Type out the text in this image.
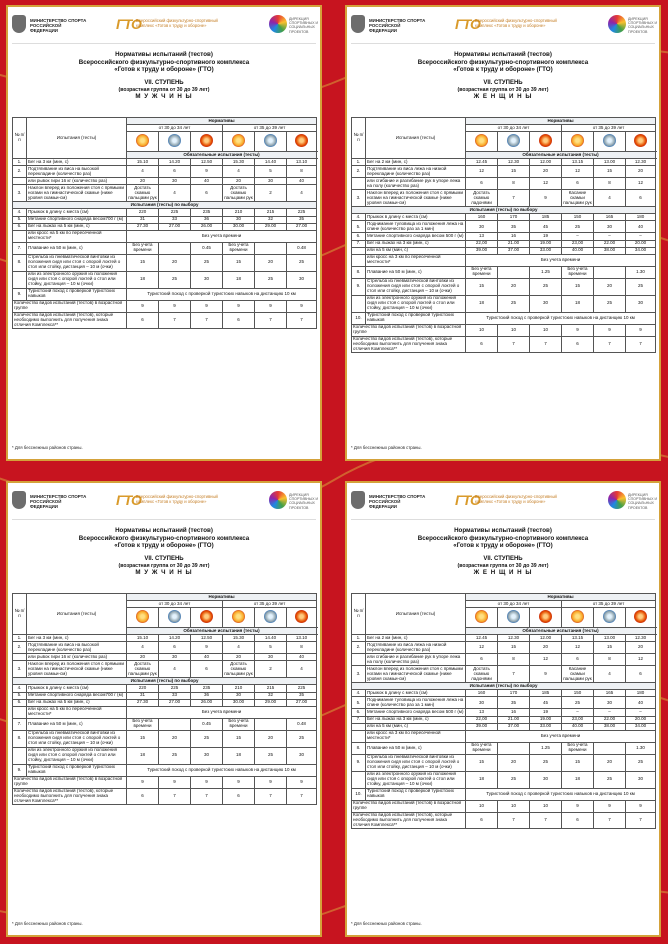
МИНИСТЕРСТВО СПОРТА РОССИЙСКОЙ ФЕДЕРАЦИИ	ГТО
Всероссийский физкультурно-спортивный комплекс «Готов к труду и обороне»
ДИРЕКЦИЯ СПОРТИВНЫХ И СОЦИАЛЬНЫХ ПРОЕКТОВ
Нормативы испытаний (тестов)
Всероссийского физкультурно-спортивного комплекса
«Готов к труду и обороне» (ГТО)
VII. СТУПЕНЬ
(возрастная группа от 30 до 39 лет)
М У Ж Ч И Н Ы
№ п/п	Испытания (тесты)	Нормативы					
		от 30 до 34 лет			от 35 до 39 лет		

		Обязательные испытания (тесты)					
1.	Бег на 3 км (мин, с)	15.10	14.20	12.50	15.30	14.40	13.10
2.	Подтягивание из виса на высокой перекладине (количество раз)	4	6	9	4	5	8
	или рывок гири 16 кг (количество раз)	20	30	40	20	30	40
3.	Наклон вперед из положения стоя с прямыми ногами на гимнастической скамье (ниже уровня скамьи-см)	Достать скамью пальцами рук	4	6	Достать скамью пальцами рук	2	4
Испытания (тесты) по выбору							
4.	Прыжок в длину с места (см)	220	225	235	210	215	225
5.	Метание спортивного снаряда весом700 г (м)	31	33	36	30	32	35
6.	Бег на лыжах на 5 км (мин, с)	27.30	27.00	26.00	30.00	29.00	27.00
	или кросс на 5 км по пересеченной местности*	Без учета времени					
7.	Плавание на 50 м (мин, с)	Без учета времени		0.45	Без учета времени		0.48
8.	Стрельба из пневматической винтовки из положения сидя или стоя с опорой локтей о стол или стойку, дистанция – 10 м (очки)	15	20	25	15	20	25
	или из электронного оружия из положения сидя или стоя с опорой локтей о стол или стойку, дистанция – 10 м (очки)	18	25	30	18	25	30
9.	Туристский поход с проверкой туристских навыков	Туристский поход с проверкой туристских навыков на дистанцию 10 км					
Количество видов испытаний (тестов) в возрастной группе		9	9	9	9	9	9
Количество видов испытаний (тестов), которые необходимо выполнить для получения знака отличия Комплекса**		6	7	7	6	7	7
* Для бесснежных районов страны.
МИНИСТЕРСТВО СПОРТА РОССИЙСКОЙ ФЕДЕРАЦИИ	ГТО
Всероссийский физкультурно-спортивный комплекс «Готов к труду и обороне»
ДИРЕКЦИЯ СПОРТИВНЫХ И СОЦИАЛЬНЫХ ПРОЕКТОВ
Нормативы испытаний (тестов)
Всероссийского физкультурно-спортивного комплекса
«Готов к труду и обороне» (ГТО)
VII. СТУПЕНЬ
(возрастная группа от 30 до 39 лет)
Ж Е Н Щ И Н Ы
№ п/п	Испытания (тесты)	Нормативы					
		от 30 до 34 лет			от 35 до 39 лет		

		Обязательные испытания (тесты)					
1.	Бег на 2 км (мин, с)	12.45	12.30	12.00	13.15	13.00	12.30
2.	Подтягивание из виса лежа на низкой перекладине (количество раз)	12	15	20	12	15	20
	или сгибание и разгибание рук в упоре лежа на полу (количество раз)	6	8	12	6	8	12
3.	Наклон вперед из положения стоя с прямыми ногами на гимнастической скамье (ниже уровня скамьи-см)	Достать скамью ладонями	7	9	Касание скамьи пальцами рук	4	6
Испытания (тесты) по выбору							
4.	Прыжок в длину с места (см)	160	170	185	150	165	180
5.	Поднимание туловища из положения лежа на спине (количество раз за 1 мин)	30	35	45	25	30	40
6.	Метание спортивного снаряда весом 500 г (м)	13	16	19	–	–	–
7.	Бег на лыжах на 3 км (мин, с)	22,00	21.00	19.00	23,00	22.00	20.00
	или на 5 км (мин, с)	39.00	37.00	33.00	40.00	38.00	34.00
	или кросс на 3 км по пересеченной местности*	Без учета времени					
8.	Плавание на 50 м (мин, с)	Без учета времени		1.25	Без учета времени		1.30
9.	Стрельба из пневматической винтовки из положения сидя или стоя с опорой локтей о стол или стойку, дистанция – 10 м (очки)	15	20	25	15	20	25
	или из электронного оружия из положения сидя или стоя с опорой локтей о стол или стойку, дистанция – 10 м (очки)	18	25	30	18	25	30
10.	Туристский поход с проверкой туристских навыков	Туристский поход с проверкой туристских навыков на дистанцию 10 км					
Количество видов испытаний (тестов) в возрастной группе		10	10	10	9	9	9
Количество видов испытаний (тестов), которые необходимо выполнить для получения знака отличия Комплекса**		6	7	7	6	7	7
* Для бесснежных районов страны.
МИНИСТЕРСТВО СПОРТА РОССИЙСКОЙ ФЕДЕРАЦИИ	ГТО
Всероссийский физкультурно-спортивный комплекс «Готов к труду и обороне»
ДИРЕКЦИЯ СПОРТИВНЫХ И СОЦИАЛЬНЫХ ПРОЕКТОВ
Нормативы испытаний (тестов)
Всероссийского физкультурно-спортивного комплекса
«Готов к труду и обороне» (ГТО)
VII. СТУПЕНЬ
(возрастная группа от 30 до 39 лет)
М У Ж Ч И Н Ы
№ п/п	Испытания (тесты)	Нормативы					
		от 30 до 34 лет			от 35 до 39 лет		

		Обязательные испытания (тесты)					
1.	Бег на 3 км (мин, с)	15.10	14.20	12.50	15.30	14.40	13.10
2.	Подтягивание из виса на высокой перекладине (количество раз)	4	6	9	4	5	8
	или рывок гири 16 кг (количество раз)	20	30	40	20	30	40
3.	Наклон вперед из положения стоя с прямыми ногами на гимнастической скамье (ниже уровня скамьи-см)	Достать скамью пальцами рук	4	6	Достать скамью пальцами рук	2	4
Испытания (тесты) по выбору							
4.	Прыжок в длину с места (см)	220	225	235	210	215	225
5.	Метание спортивного снаряда весом700 г (м)	31	33	36	30	32	35
6.	Бег на лыжах на 5 км (мин, с)	27.30	27.00	26.00	30.00	29.00	27.00
	или кросс на 5 км по пересеченной местности*	Без учета времени					
7.	Плавание на 50 м (мин, с)	Без учета времени		0.45	Без учета времени		0.48
8.	Стрельба из пневматической винтовки из положения сидя или стоя с опорой локтей о стол или стойку, дистанция – 10 м (очки)	15	20	25	15	20	25
	или из электронного оружия из положения сидя или стоя с опорой локтей о стол или стойку, дистанция – 10 м (очки)	18	25	30	18	25	30
9.	Туристский поход с проверкой туристских навыков	Туристский поход с проверкой туристских навыков на дистанцию 10 км					
Количество видов испытаний (тестов) в возрастной группе		9	9	9	9	9	9
Количество видов испытаний (тестов), которые необходимо выполнить для получения знака отличия Комплекса**		6	7	7	6	7	7
* Для бесснежных районов страны.
МИНИСТЕРСТВО СПОРТА РОССИЙСКОЙ ФЕДЕРАЦИИ	ГТО
Всероссийский физкультурно-спортивный комплекс «Готов к труду и обороне»
ДИРЕКЦИЯ СПОРТИВНЫХ И СОЦИАЛЬНЫХ ПРОЕКТОВ
Нормативы испытаний (тестов)
Всероссийского физкультурно-спортивного комплекса
«Готов к труду и обороне» (ГТО)
VII. СТУПЕНЬ
(возрастная группа от 30 до 39 лет)
Ж Е Н Щ И Н Ы
№ п/п	Испытания (тесты)	Нормативы					
		от 30 до 34 лет			от 35 до 39 лет		

		Обязательные испытания (тесты)					
1.	Бег на 2 км (мин, с)	12.45	12.30	12.00	13.15	13.00	12.30
2.	Подтягивание из виса лежа на низкой перекладине (количество раз)	12	15	20	12	15	20
	или сгибание и разгибание рук в упоре лежа на полу (количество раз)	6	8	12	6	8	12
3.	Наклон вперед из положения стоя с прямыми ногами на гимнастической скамье (ниже уровня скамьи-см)	Достать скамью ладонями	7	9	Касание скамьи пальцами рук	4	6
Испытания (тесты) по выбору							
4.	Прыжок в длину с места (см)	160	170	185	150	165	180
5.	Поднимание туловища из положения лежа на спине (количество раз за 1 мин)	30	35	45	25	30	40
6.	Метание спортивного снаряда весом 500 г (м)	13	16	19	–	–	–
7.	Бег на лыжах на 3 км (мин, с)	22,00	21.00	19.00	23,00	22.00	20.00
	или на 5 км (мин, с)	39.00	37.00	33.00	40.00	38.00	34.00
	или кросс на 3 км по пересеченной местности*	Без учета времени					
8.	Плавание на 50 м (мин, с)	Без учета времени		1.25	Без учета времени		1.30
9.	Стрельба из пневматической винтовки из положения сидя или стоя с опорой локтей о стол или стойку, дистанция – 10 м (очки)	15	20	25	15	20	25
	или из электронного оружия из положения сидя или стоя с опорой локтей о стол или стойку, дистанция – 10 м (очки)	18	25	30	18	25	30
10.	Туристский поход с проверкой туристских навыков	Туристский поход с проверкой туристских навыков на дистанцию 10 км					
Количество видов испытаний (тестов) в возрастной группе		10	10	10	9	9	9
Количество видов испытаний (тестов), которые необходимо выполнить для получения знака отличия Комплекса**		6	7	7	6	7	7
* Для бесснежных районов страны.
